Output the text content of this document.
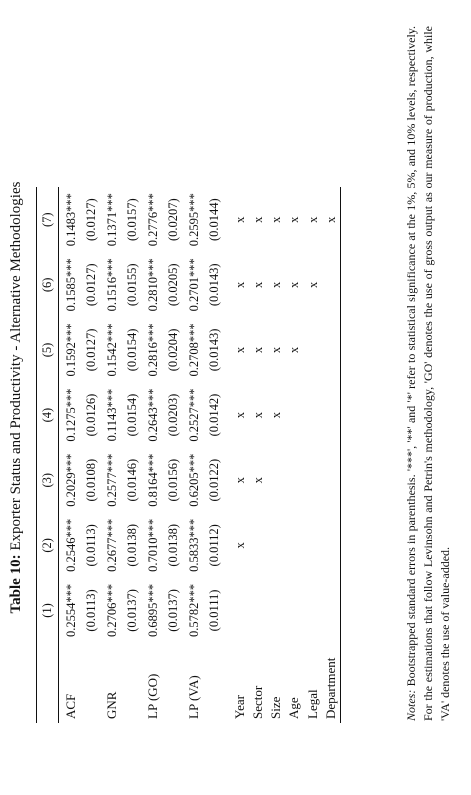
Table 10: Exporter Status and Productivity - Alternative Methodologies
	(1)	(2)	(3)	(4)	(5)	(6)	(7)

ACF	0.2554***	0.2546***	0.2029***	0.1275***	0.1592***	0.1585***	0.1483***
	(0.0113)	(0.0113)	(0.0108)	(0.0126)	(0.0127)	(0.0127)	(0.0127)
GNR	0.2706***	0.2677***	0.2577***	0.1143***	0.1542***	0.1516***	0.1371***
	(0.0137)	(0.0138)	(0.0146)	(0.0154)	(0.0154)	(0.0155)	(0.0157)
LP (GO)	0.6895***	0.7010***	0.8164***	0.2643***	0.2816***	0.2810***	0.2776***
	(0.0137)	(0.0138)	(0.0156)	(0.0203)	(0.0204)	(0.0205)	(0.0207)
LP (VA)	0.5782***	0.5833***	0.6205***	0.2527***	0.2708***	0.2701***	0.2595***
	(0.0111)	(0.0112)	(0.0122)	(0.0142)	(0.0143)	(0.0143)	(0.0144)
Year		x	x	x	x	x	x
Sector			x	x	x	x	x
Size				x	x	x	x
Age					x	x	x
Legal						x	x
Department							x
Notes: Bootstrapped standard errors in parenthesis. '***', '**' and '*' refer to statistical significance at the 1%, 5%, and 10% levels, respectively. For the estimations that follow Levinsohn and Petrin's methodology, 'GO' denotes the use of gross output as our measure of production, while 'VA' denotes the use of value-added.
